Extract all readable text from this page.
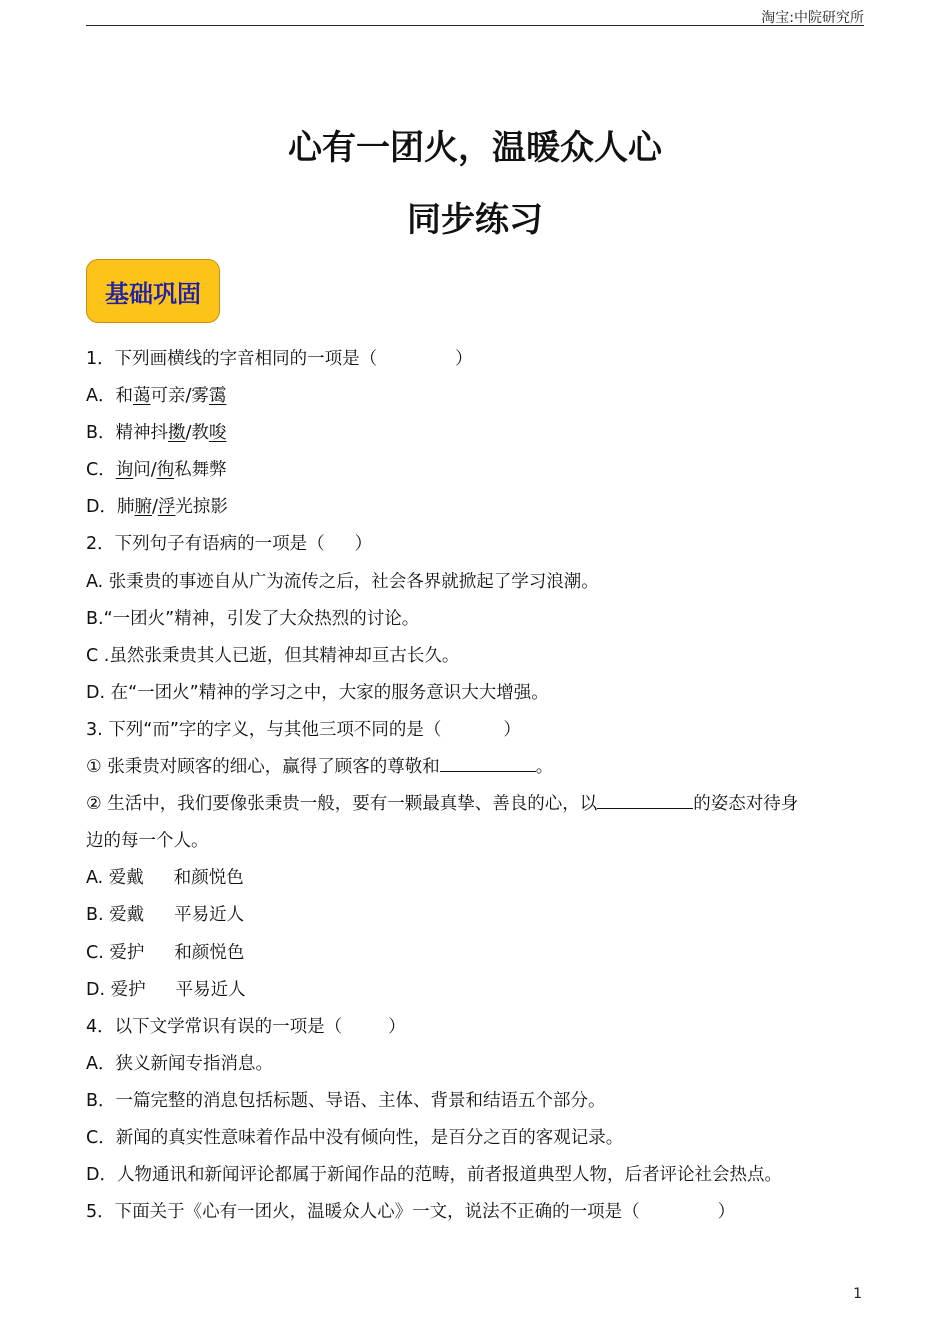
淘宝:中院研究所
心有一团火，温暖众人心
同步练习
基础巩固
1．下列画横线的字音相同的一项是（	）
A．和蔼可亲/雾霭
B．精神抖擞/教唆
C．询问/徇私舞弊
D．肺腑/浮光掠影
2．下列句子有语病的一项是（ ）
A. 张秉贵的事迹自从广为流传之后，社会各界就掀起了学习浪潮。
B.“一团火”精神，引发了大众热烈的讨论。
C .虽然张秉贵其人已逝，但其精神却亘古长久。
D. 在“一团火”精神的学习之中，大家的服务意识大大增强。
3. 下列“而”字的字义，与其他三项不同的是（	）
① 张秉贵对顾客的细心，赢得了顾客的尊敬和	。
② 生活中，我们要像张秉贵一般，要有一颗最真挚、善良的心，以	的姿态对待身
边的每一个人。
A. 爱戴 和颜悦色
B. 爱戴 平易近人
C. 爱护 和颜悦色
D. 爱护 平易近人
4．以下文学常识有误的一项是（	）
A．狭义新闻专指消息。
B．一篇完整的消息包括标题、导语、主体、背景和结语五个部分。
C．新闻的真实性意味着作品中没有倾向性，是百分之百的客观记录。
D．人物通讯和新闻评论都属于新闻作品的范畴，前者报道典型人物，后者评论社会热点。
5．下面关于《心有一团火，温暖众人心》一文，说法不正确的一项是（	）
1
